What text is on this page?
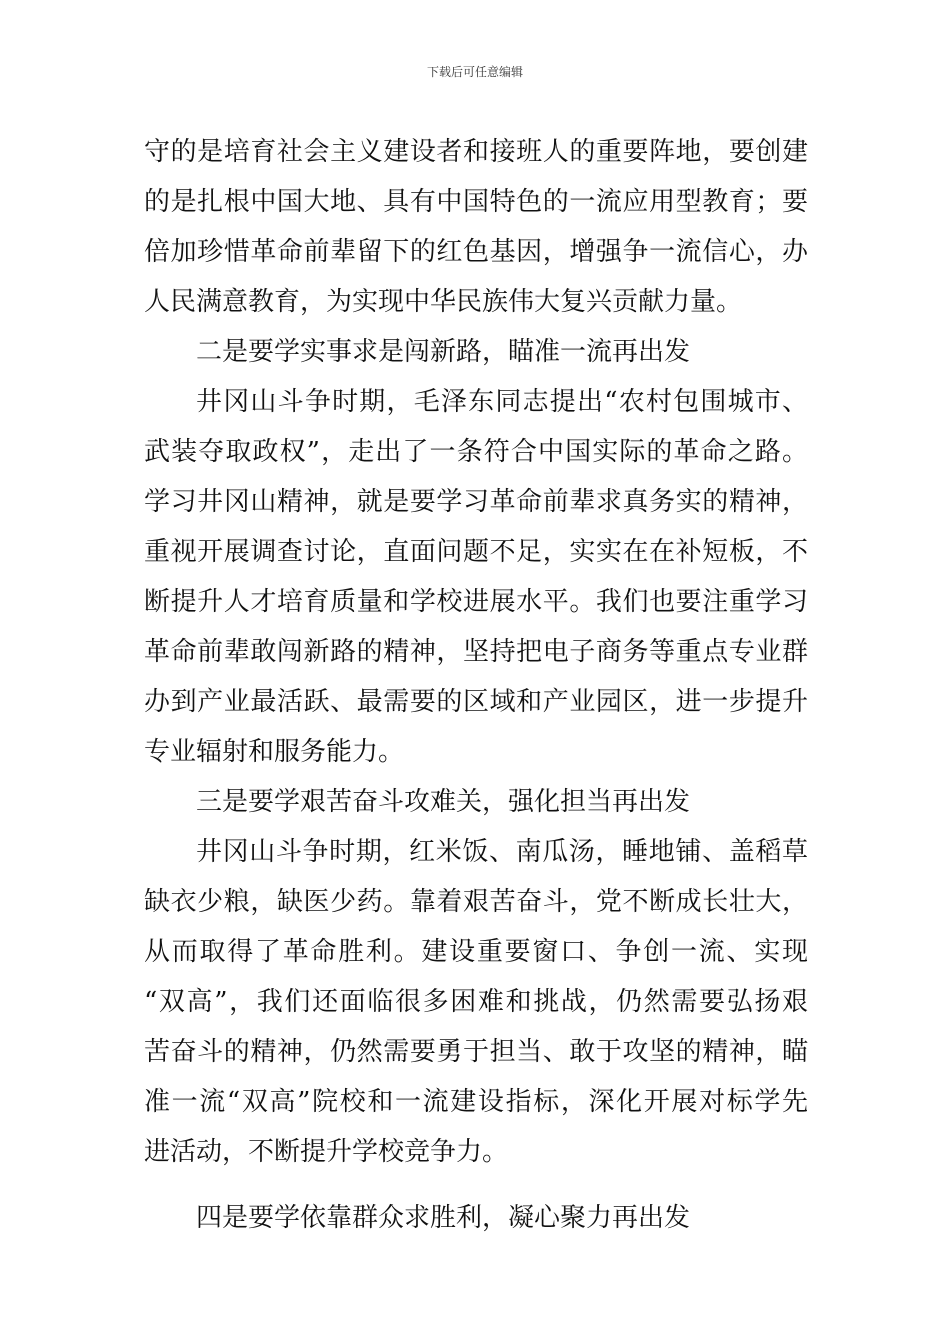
下载后可任意编辑
守的是培育社会主义建设者和接班人的重要阵地，要创建
的是扎根中国大地、具有中国特色的一流应用型教育；要
倍加珍惜革命前辈留下的红色基因，增强争一流信心，办
人民满意教育，为实现中华民族伟大复兴贡献力量。
二是要学实事求是闯新路，瞄准一流再出发
井冈山斗争时期，毛泽东同志提出“农村包围城市、
武装夺取政权”，走出了一条符合中国实际的革命之路。
学习井冈山精神，就是要学习革命前辈求真务实的精神，
重视开展调查讨论，直面问题不足，实实在在补短板，不
断提升人才培育质量和学校进展水平。我们也要注重学习
革命前辈敢闯新路的精神，坚持把电子商务等重点专业群
办到产业最活跃、最需要的区域和产业园区，进一步提升
专业辐射和服务能力。
三是要学艰苦奋斗攻难关，强化担当再出发
井冈山斗争时期，红米饭、南瓜汤，睡地铺、盖稻草
缺衣少粮，缺医少药。靠着艰苦奋斗，党不断成长壮大，
从而取得了革命胜利。建设重要窗口、争创一流、实现
“双高”，我们还面临很多困难和挑战，仍然需要弘扬艰
苦奋斗的精神，仍然需要勇于担当、敢于攻坚的精神，瞄
准一流“双高”院校和一流建设指标，深化开展对标学先
进活动，不断提升学校竞争力。
四是要学依靠群众求胜利，凝心聚力再出发
